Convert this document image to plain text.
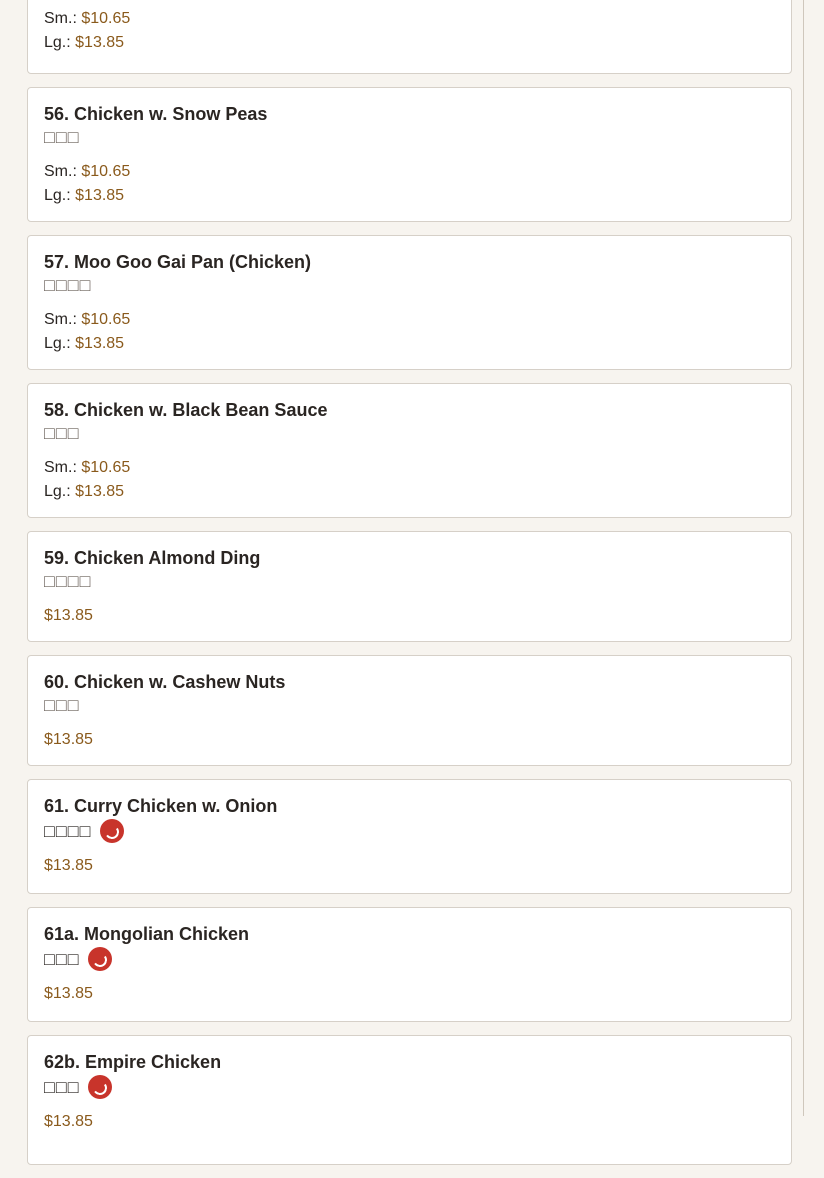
Sm.: $10.65
Lg.: $13.85
56. Chicken w. Snow Peas
□□□
Sm.: $10.65
Lg.: $13.85
57. Moo Goo Gai Pan (Chicken)
□□□□
Sm.: $10.65
Lg.: $13.85
58. Chicken w. Black Bean Sauce
□□□
Sm.: $10.65
Lg.: $13.85
59. Chicken Almond Ding
□□□□
$13.85
60. Chicken w. Cashew Nuts
□□□
$13.85
61. Curry Chicken w. Onion
□□□□
$13.85
61a. Mongolian Chicken
□□□
$13.85
62b. Empire Chicken
□□□
$13.85
